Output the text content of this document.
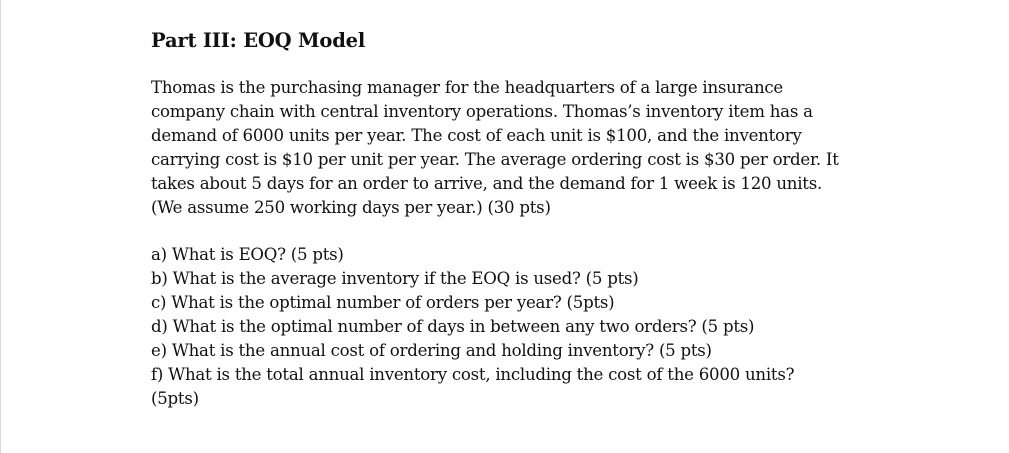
Part III: EOQ Model
Thomas is the purchasing manager for the headquarters of a large insurance
company chain with central inventory operations. Thomas’s inventory item has a
demand of 6000 units per year. The cost of each unit is $100, and the inventory
carrying cost is $10 per unit per year. The average ordering cost is $30 per order. It
takes about 5 days for an order to arrive, and the demand for 1 week is 120 units.
(We assume 250 working days per year.) (30 pts)
a) What is EOQ? (5 pts)
b) What is the average inventory if the EOQ is used? (5 pts)
c) What is the optimal number of orders per year? (5pts)
d) What is the optimal number of days in between any two orders? (5 pts)
e) What is the annual cost of ordering and holding inventory? (5 pts)
f) What is the total annual inventory cost, including the cost of the 6000 units?
(5pts)
